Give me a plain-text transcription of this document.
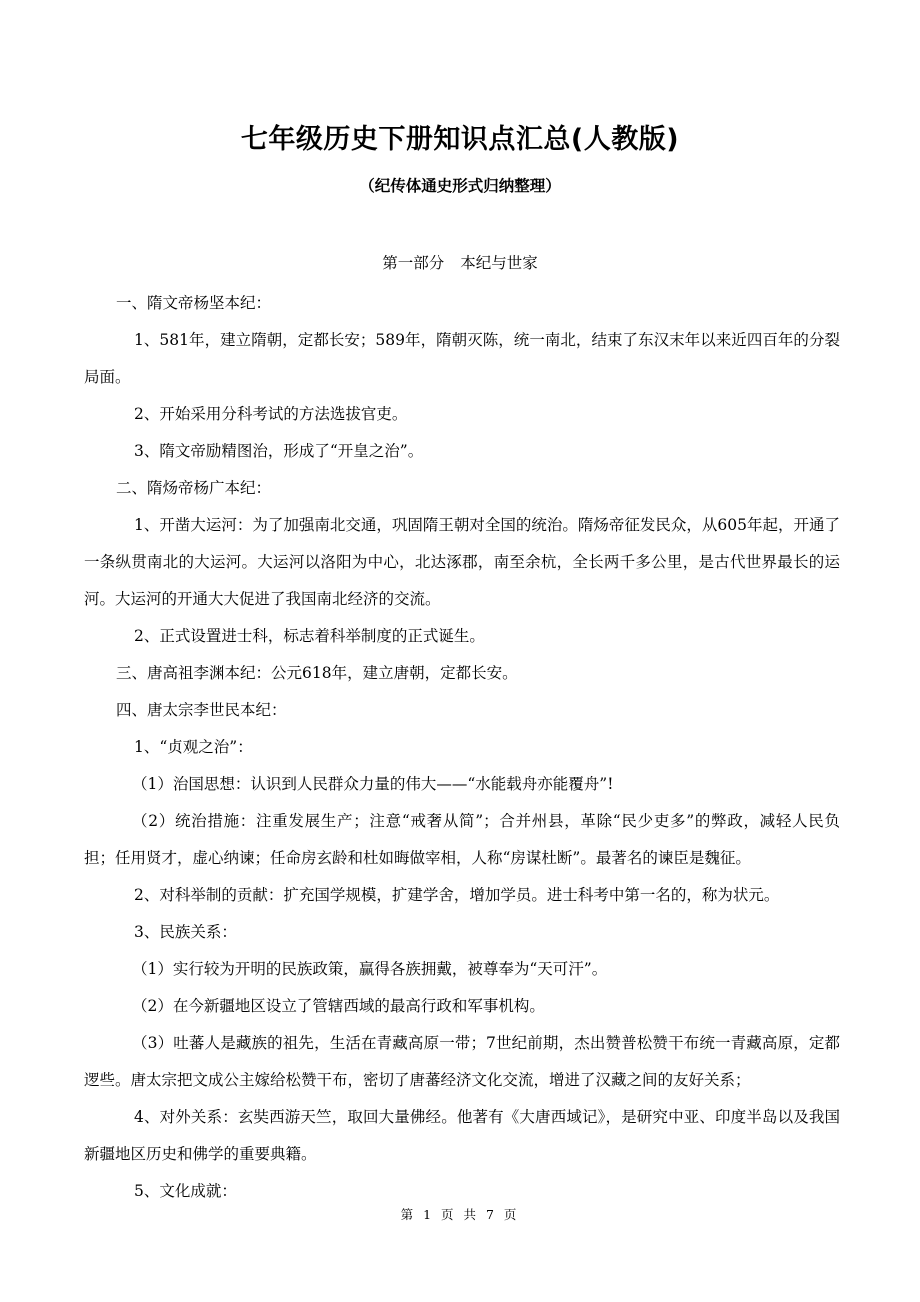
七年级历史下册知识点汇总(人教版)
（纪传体通史形式归纳整理）
第一部分 本纪与世家

一、隋文帝杨坚本纪：

1、581年，建立隋朝，定都长安；589年，隋朝灭陈，统一南北，结束了东汉末年以来近四百年的分裂局面。

2、开始采用分科考试的方法选拔官吏。

3、隋文帝励精图治，形成了“开皇之治”。

二、隋炀帝杨广本纪：

1、开凿大运河：为了加强南北交通，巩固隋王朝对全国的统治。隋炀帝征发民众，从605年起，开通了一条纵贯南北的大运河。大运河以洛阳为中心，北达涿郡，南至余杭，全长两千多公里，是古代世界最长的运河。大运河的开通大大促进了我国南北经济的交流。

2、正式设置进士科，标志着科举制度的正式诞生。

三、唐高祖李渊本纪：公元618年，建立唐朝，定都长安。

四、唐太宗李世民本纪：

1、“贞观之治”：

（1）治国思想：认识到人民群众力量的伟大——“水能载舟亦能覆舟”!

（2）统治措施：注重发展生产；注意“戒奢从简”；合并州县，革除“民少吏多”的弊政，减轻人民负担；任用贤才，虚心纳谏；任命房玄龄和杜如晦做宰相，人称“房谋杜断”。最著名的谏臣是魏征。

2、对科举制的贡献：扩充国学规模，扩建学舍，增加学员。进士科考中第一名的，称为状元。

3、民族关系：

（1）实行较为开明的民族政策，赢得各族拥戴，被尊奉为“天可汗”。

（2）在今新疆地区设立了管辖西域的最高行政和军事机构。

（3）吐蕃人是藏族的祖先，生活在青藏高原一带；7世纪前期，杰出赞普松赞干布统一青藏高原，定都逻些。唐太宗把文成公主嫁给松赞干布，密切了唐蕃经济文化交流，增进了汉藏之间的友好关系；

4、对外关系：玄奘西游天竺，取回大量佛经。他著有《大唐西域记》，是研究中亚、印度半岛以及我国新疆地区历史和佛学的重要典籍。

5、文化成就：

第 1 页 共 7 页
